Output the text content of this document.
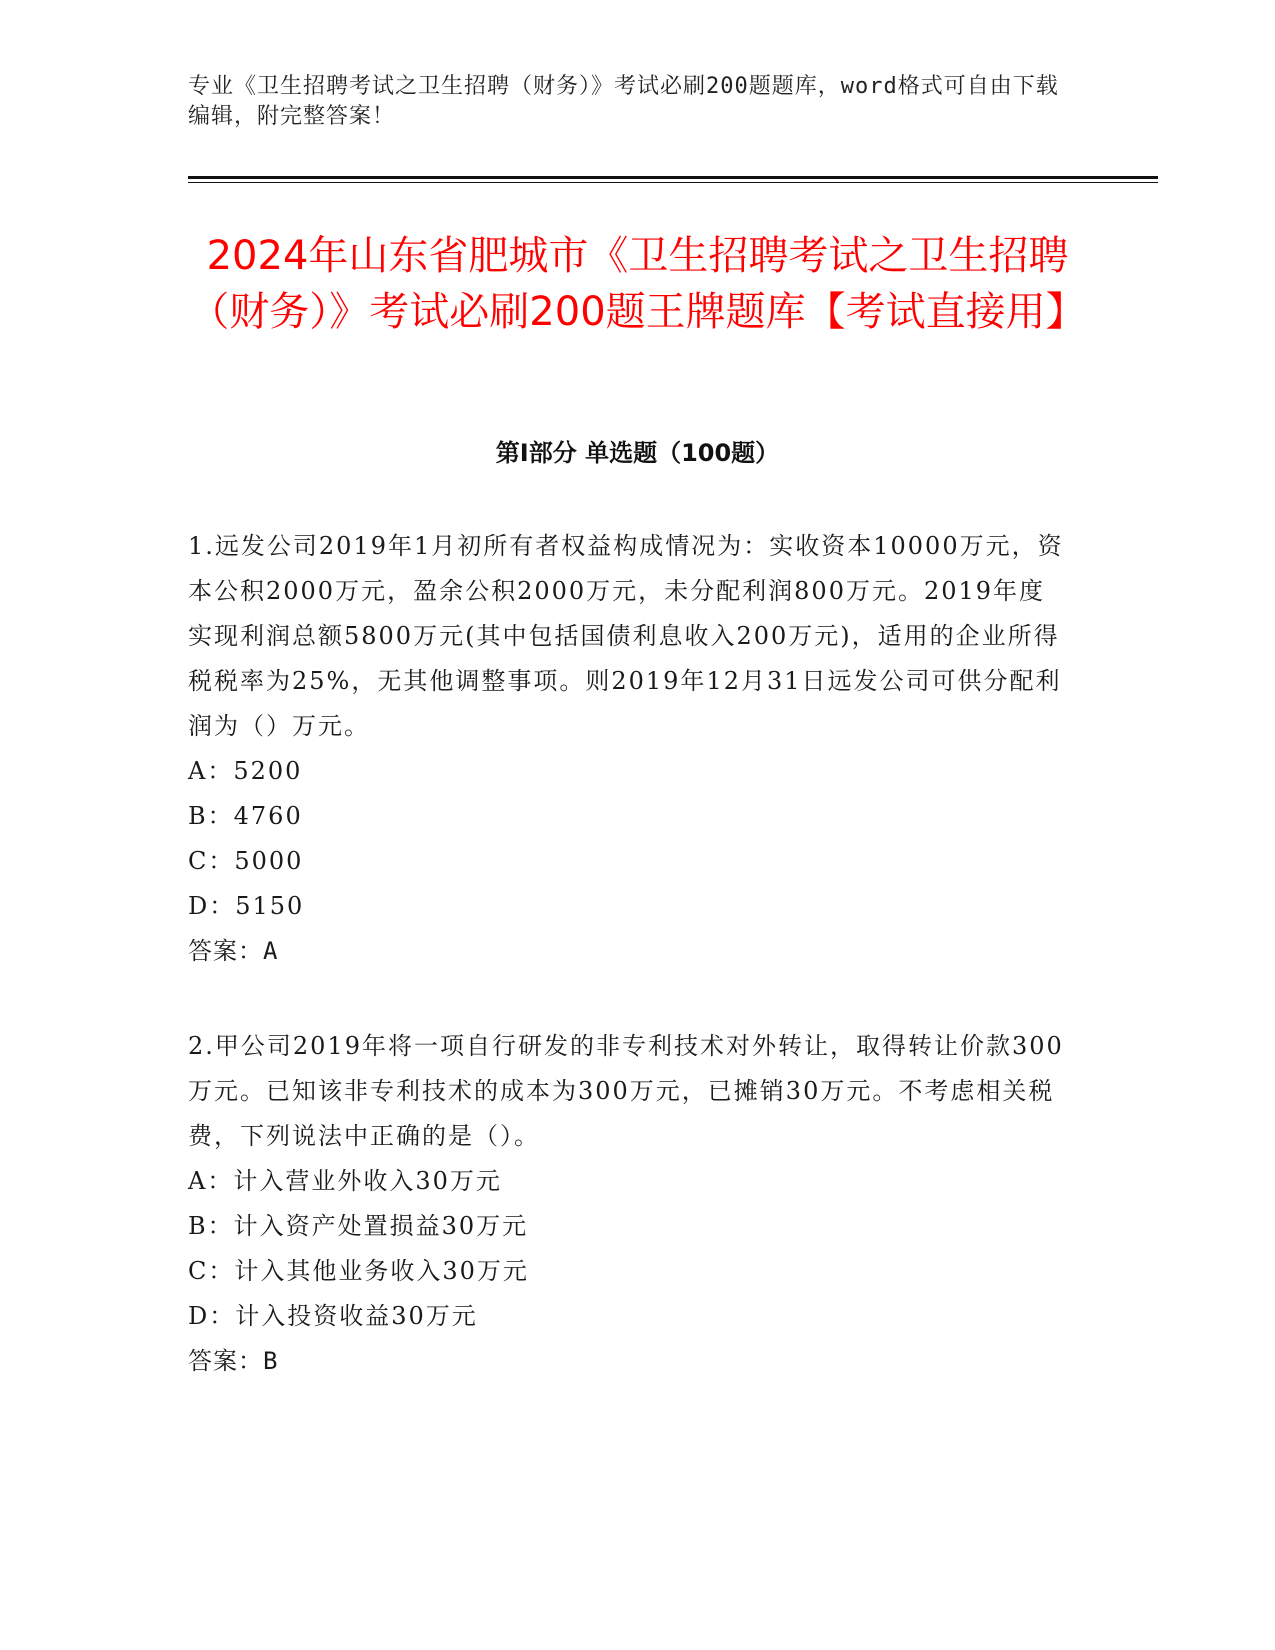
专业《卫生招聘考试之卫生招聘（财务）》考试必刷200题题库，word格式可自由下载编辑，附完整答案！
2024年山东省肥城市《卫生招聘考试之卫生招聘（财务）》考试必刷200题王牌题库【考试直接用】
第Ⅰ部分 单选题（100题）

1.远发公司2019年1月初所有者权益构成情况为：实收资本10000万元，资本公积2000万元，盈余公积2000万元，未分配利润800万元。2019年度实现利润总额5800万元(其中包括国债利息收入200万元)，适用的企业所得税税率为25%，无其他调整事项。则2019年12月31日远发公司可供分配利润为（）万元。

A：5200

B：4760

C：5000

D：5150

答案：A

2.甲公司2019年将一项自行研发的非专利技术对外转让，取得转让价款300万元。已知该非专利技术的成本为300万元，已摊销30万元。不考虑相关税费，下列说法中正确的是（）。

A：计入营业外收入30万元

B：计入资产处置损益30万元

C：计入其他业务收入30万元

D：计入投资收益30万元

答案：B
